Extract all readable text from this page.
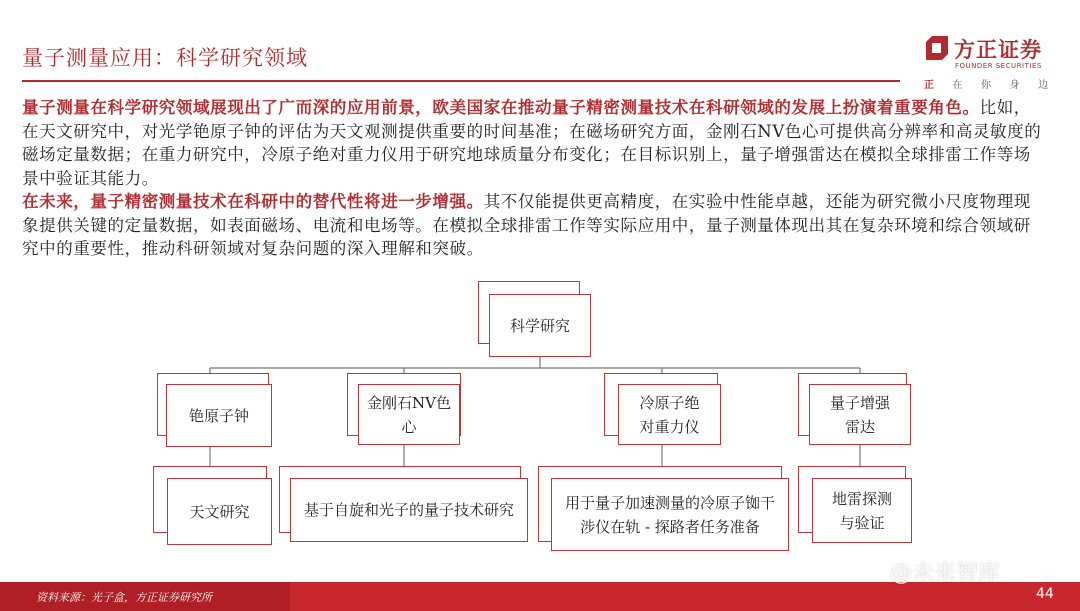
量子测量应用：科学研究领域	方正证券
FOUNDER SECURITIES
正 在 你 身 边

量子测量在科学研究领域展现出了广而深的应用前景，欧美国家在推动量子精密测量技术在科研领域的发展上扮演着重要角色。比如，在天文研究中，对光学铯原子钟的评估为天文观测提供重要的时间基准；在磁场研究方面，金刚石NV色心可提供高分辨率和高灵敏度的磁场定量数据；在重力研究中，冷原子绝对重力仪用于研究地球质量分布变化；在目标识别上，量子增强雷达在模拟全球排雷工作等场景中验证其能力。

在未来，量子精密测量技术在科研中的替代性将进一步增强。其不仅能提供更高精度，在实验中性能卓越，还能为研究微小尺度物理现象提供关键的定量数据，如表面磁场、电流和电场等。在模拟全球排雷工作等实际应用中，量子测量体现出其在复杂环境和综合领域研究中的重要性，推动科研领域对复杂问题的深入理解和突破。

科学研究
铯原子钟
金刚石NV色心
冷原子绝对重力仪
量子增强雷达
天文研究	基于自旋和光子的量子技术研究	用于量子加速测量的冷原子铷干涉仪在轨 - 探路者任务准备
地雷探测与验证
资料来源：光子盒，方正证券研究所
@未来智库
44
